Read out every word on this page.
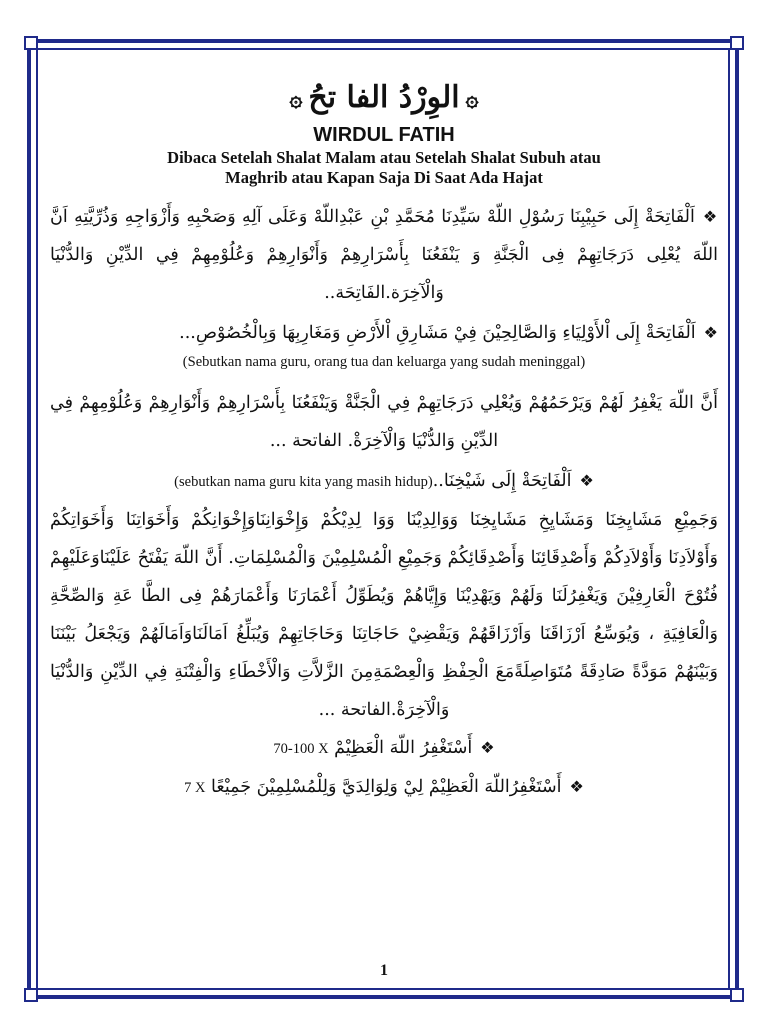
۞الوِرْدُ الفا تحُ۞
WIRDUL FATIH
Dibaca Setelah Shalat Malam atau Setelah Shalat Subuh atau
Maghrib atau Kapan Saja Di Saat Ada Hajat
❖اَلْفَاتِحَةْ إِلَى حَبِيْبِنَا رَسُوْلِ اللّهْ سَيِّدِنَا مُحَمَّدِ بْنِ عَبْدِاللّهْ وَعَلَى آلِهِ وَصَحْبِهِ وَأَزْوَاجِهِ وَذُرِّيَّتِهِ اَنَّ اللّهَ يُعْلِى دَرَجَاتِهِمْ فِى الْجَنَّةِ وَ يَنْفَعُنَا بِأَسْرَارِهِمْ وَأَنْوَارِهِمْ وَعُلُوْمِهِمْ فِي الدِّيْنِ وَالدُّنْيَا وَالْآخِرَة.الفَاتِحَة..
❖اَلْفَاتِحَةْ إِلَى اْلأَوْلِيَاءِ وَالصَّالِحِيْنَ فِيْ مَشَارِقِ اْلأَرْضِ وَمَغَارِبِهَا وَبِالْخُصُوْصِ...
(Sebutkan nama guru, orang tua dan keluarga yang sudah meninggal)
أَنَّ اللّهَ يَغْفِرُ لَهُمْ وَيَرْحَمُهُمْ وَيُعْلِي دَرَجَاتِهِمْ فِي الْجَنَّةْ وَيَنْفَعُنَا بِأَسْرَارِهِمْ وَأَنْوَارِهِمْ وَعُلُوْمِهِمْ فِي الدِّيْنِ وَالدُّنْيَا وَالْآخِرَةْ. الفاتحة ...
❖اَلْفَاتِحَةْ إِلَى شَيْخِنَا..(sebutkan nama guru kita yang masih hidup)
وَجَمِيْعِ مَشَايِخِنَا وَمَشَايِخِ مَشَايِخِنَا وَوَالِدِيْنَا وَوَا لِدِيْكُمْ وَإِخْوَانِنَاوَإِخْوَانِكُمْ وَأَخَوَاتِنَا وَأَخَوَاتِكُمْ وَأَوْلاَدِنَا وَأَوْلاَدِكُمْ وَأَصْدِقَائِنَا وَأَصْدِقَائِكُمْ وَجَمِيْعِ الْمُسْلِمِيْنَ وَالْمُسْلِمَاتِ. أَنَّ اللّهَ يَفْتَحُ عَلَيْنَاوَعَلَيْهِمْ فُتُوْحَ الْعَارِفِيْنَ وَيَغْفِرُلَنَا وَلَهُمْ وَيَهْدِيْنَا وَإِيَّاهُمْ وَيُطَوِّلُ أَعْمَارَنَا وَأَعْمَارَهُمْ فِى الطَّا عَةِ وَالصِّحَّةِ وَالْعَافِيَةِ ، وَيُوَسِّعُ اَرْزَاقَنَا وَاَرْزَاقَهُمْ وَيَقْضِيْ حَاجَاتِنَا وَحَاجَاتِهِمْ وَيُبَلِّغُ اَمَالَنَاوَاَمَالَهُمْ وَيَجْعَلُ بَيْنَنَا وَبَيْنَهُمْ مَوَدَّةً صَادِقَةً مُتَوَاصِلَةًمَعَ الْحِفْظِ وَالْعِصْمَةِمِنَ الزَّلاَّتِ وَالْأَخْطَاءِ وَالْفِتْنَةِ فِي الدِّيْنِ وَالدُّنْيَا وَالْآخِرَةْ.الفاتحة ...
❖أَسْتَغْفِرُ اللّهَ الْعَظِيْمْ 70-100 X
❖أَسْتَغْفِرُاللّهَ الْعَظِيْمْ لِيْ وَلِوَالِدَيَّ وَلِلْمُسْلِمِيْنَ جَمِيْعًا 7 X
1
